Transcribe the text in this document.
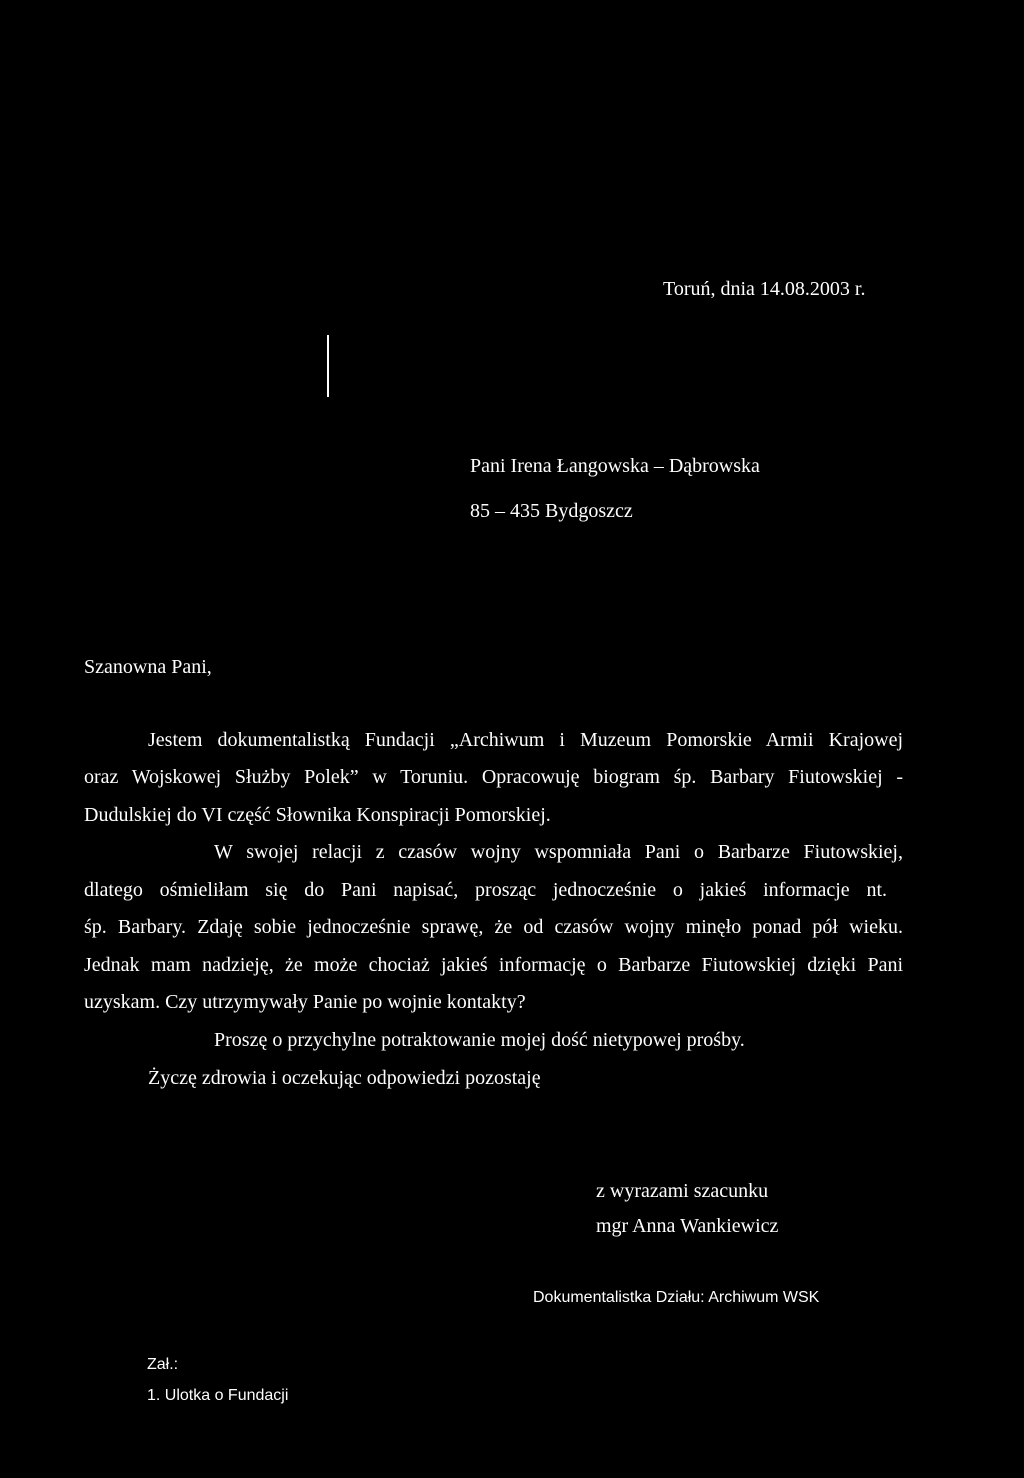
Toruń, dnia 14.08.2003 r.
Pani Irena Łangowska – Dąbrowska
85 – 435 Bydgoszcz
Szanowna Pani,
Jestem dokumentalistką Fundacji „Archiwum i Muzeum Pomorskie Armii Krajowej
oraz Wojskowej Służby Polek” w Toruniu. Opracowuję biogram śp. Barbary Fiutowskiej -
Dudulskiej do VI część Słownika Konspiracji Pomorskiej.
W swojej relacji z czasów wojny wspomniała Pani o Barbarze Fiutowskiej,
dlatego ośmieliłam się do Pani napisać, prosząc jednocześnie o jakieś informacje nt.
śp. Barbary. Zdaję sobie jednocześnie sprawę, że od czasów wojny minęło ponad pół wieku.
Jednak mam nadzieję, że może chociaż jakieś informację o Barbarze Fiutowskiej dzięki Pani
uzyskam. Czy utrzymywały Panie po wojnie kontakty?
Proszę o przychylne potraktowanie mojej dość nietypowej prośby.
Życzę zdrowia i oczekując odpowiedzi pozostaję
z wyrazami szacunku
mgr Anna Wankiewicz
Dokumentalistka Działu: Archiwum WSK
Zał.:
1. Ulotka o Fundacji
